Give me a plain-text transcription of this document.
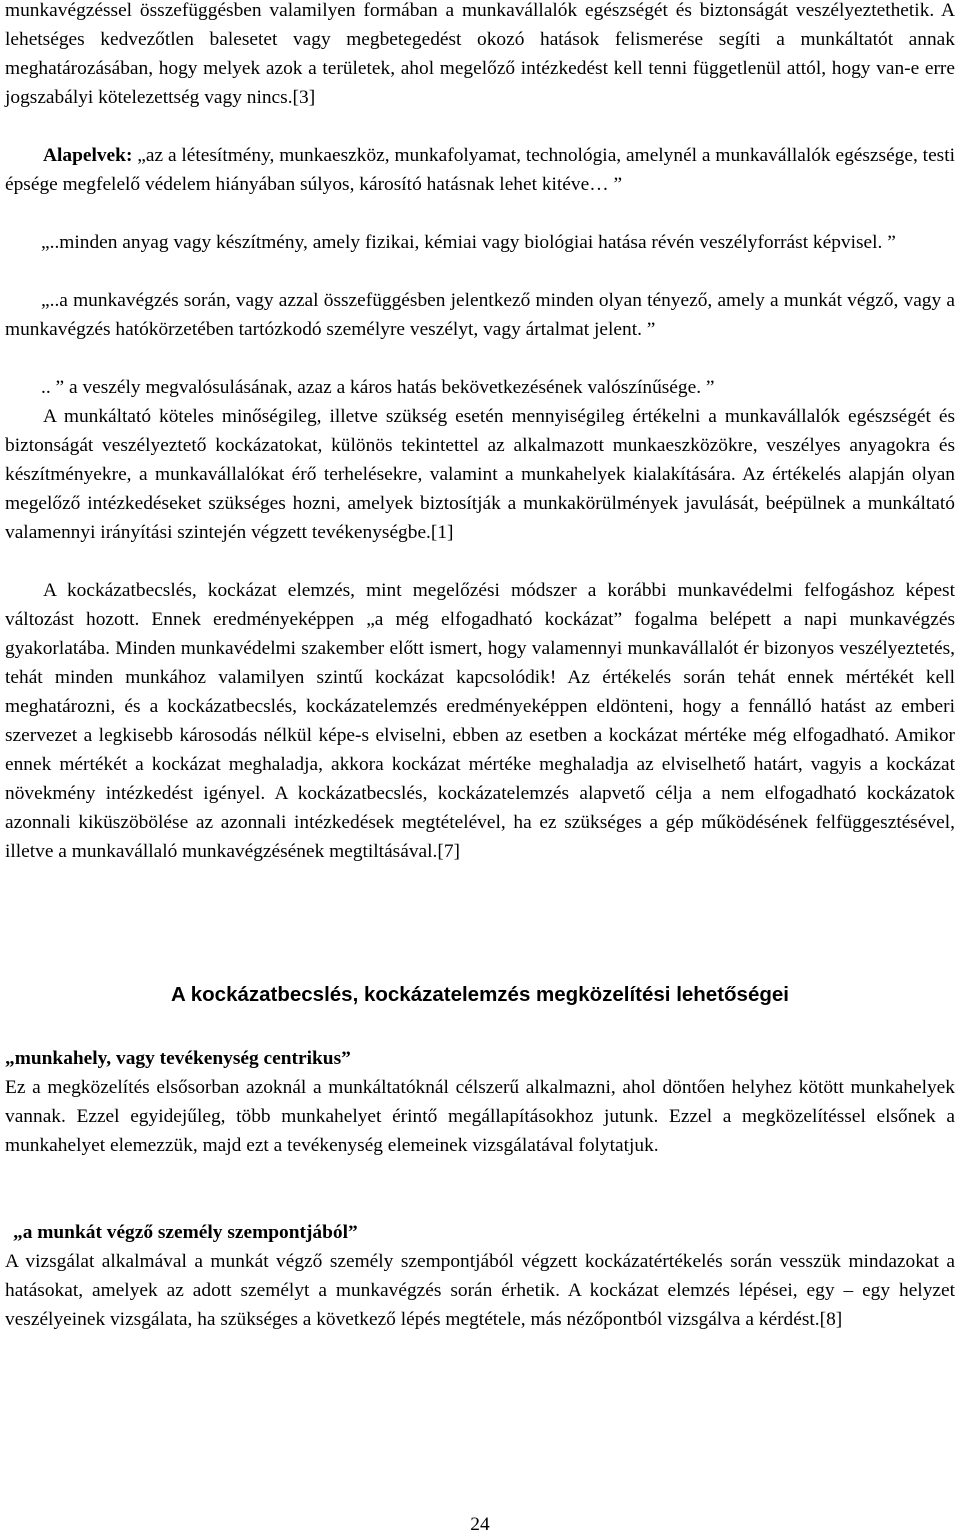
munkavégzéssel összefüggésben valamilyen formában a munkavállalók egészségét és biztonságát veszélyeztethetik. A lehetséges kedvezőtlen balesetet vagy megbetegedést okozó hatások felismerése segíti a munkáltatót annak meghatározásában, hogy melyek azok a területek, ahol megelőző intézkedést kell tenni függetlenül attól, hogy van-e erre jogszabályi kötelezettség vagy nincs.[3]

Alapelvek: „az a létesítmény, munkaeszköz, munkafolyamat, technológia, amelynél a munkavállalók egészsége, testi épsége megfelelő védelem hiányában súlyos, károsító hatásnak lehet kitéve… ”

„..minden anyag vagy készítmény, amely fizikai, kémiai vagy biológiai hatása révén veszélyforrást képvisel. ”

„..a munkavégzés során, vagy azzal összefüggésben jelentkező minden olyan tényező, amely a munkát végző, vagy a munkavégzés hatókörzetében tartózkodó személyre veszélyt, vagy ártalmat jelent. ”

.. ” a veszély megvalósulásának, azaz a káros hatás bekövetkezésének valószínűsége. ”

A munkáltató köteles minőségileg, illetve szükség esetén mennyiségileg értékelni a munkavállalók egészségét és biztonságát veszélyeztető kockázatokat, különös tekintettel az alkalmazott munkaeszközökre, veszélyes anyagokra és készítményekre, a munkavállalókat érő terhelésekre, valamint a munkahelyek kialakítására. Az értékelés alapján olyan megelőző intézkedéseket szükséges hozni, amelyek biztosítják a munkakörülmények javulását, beépülnek a munkáltató valamennyi irányítási szintején végzett tevékenységbe.[1]

A kockázatbecslés, kockázat elemzés, mint megelőzési módszer a korábbi munkavédelmi felfogáshoz képest változást hozott. Ennek eredményeképpen „a még elfogadható kockázat” fogalma belépett a napi munkavégzés gyakorlatába. Minden munkavédelmi szakember előtt ismert, hogy valamennyi munkavállalót ér bizonyos veszélyeztetés, tehát minden munkához valamilyen szintű kockázat kapcsolódik! Az értékelés során tehát ennek mértékét kell meghatározni, és a kockázatbecslés, kockázatelemzés eredményeképpen eldönteni, hogy a fennálló hatást az emberi szervezet a legkisebb károsodás nélkül képe-s elviselni, ebben az esetben a kockázat mértéke még elfogadható. Amikor ennek mértékét a kockázat meghaladja, akkora kockázat mértéke meghaladja az elviselhető határt, vagyis a kockázat növekmény intézkedést igényel. A kockázatbecslés, kockázatelemzés alapvető célja a nem elfogadható kockázatok azonnali kiküszöbölése az azonnali intézkedések megtételével, ha ez szükséges a gép működésének felfüggesztésével, illetve a munkavállaló munkavégzésének megtiltásával.[7]

A kockázatbecslés, kockázatelemzés megközelítési lehetőségei

„munkahely, vagy tevékenység centrikus”

Ez a megközelítés elsősorban azoknál a munkáltatóknál célszerű alkalmazni, ahol döntően helyhez kötött munkahelyek vannak. Ezzel egyidejűleg, több munkahelyet érintő megállapításokhoz jutunk. Ezzel a megközelítéssel elsőnek a munkahelyet elemezzük, majd ezt a tevékenység elemeinek vizsgálatával folytatjuk.

„a munkát végző személy szempontjából”

A vizsgálat alkalmával a munkát végző személy szempontjából végzett kockázatértékelés során vesszük mindazokat a hatásokat, amelyek az adott személyt a munkavégzés során érhetik. A kockázat elemzés lépései, egy – egy helyzet veszélyeinek vizsgálata, ha szükséges a következő lépés megtétele, más nézőpontból vizsgálva a kérdést.[8]

24
